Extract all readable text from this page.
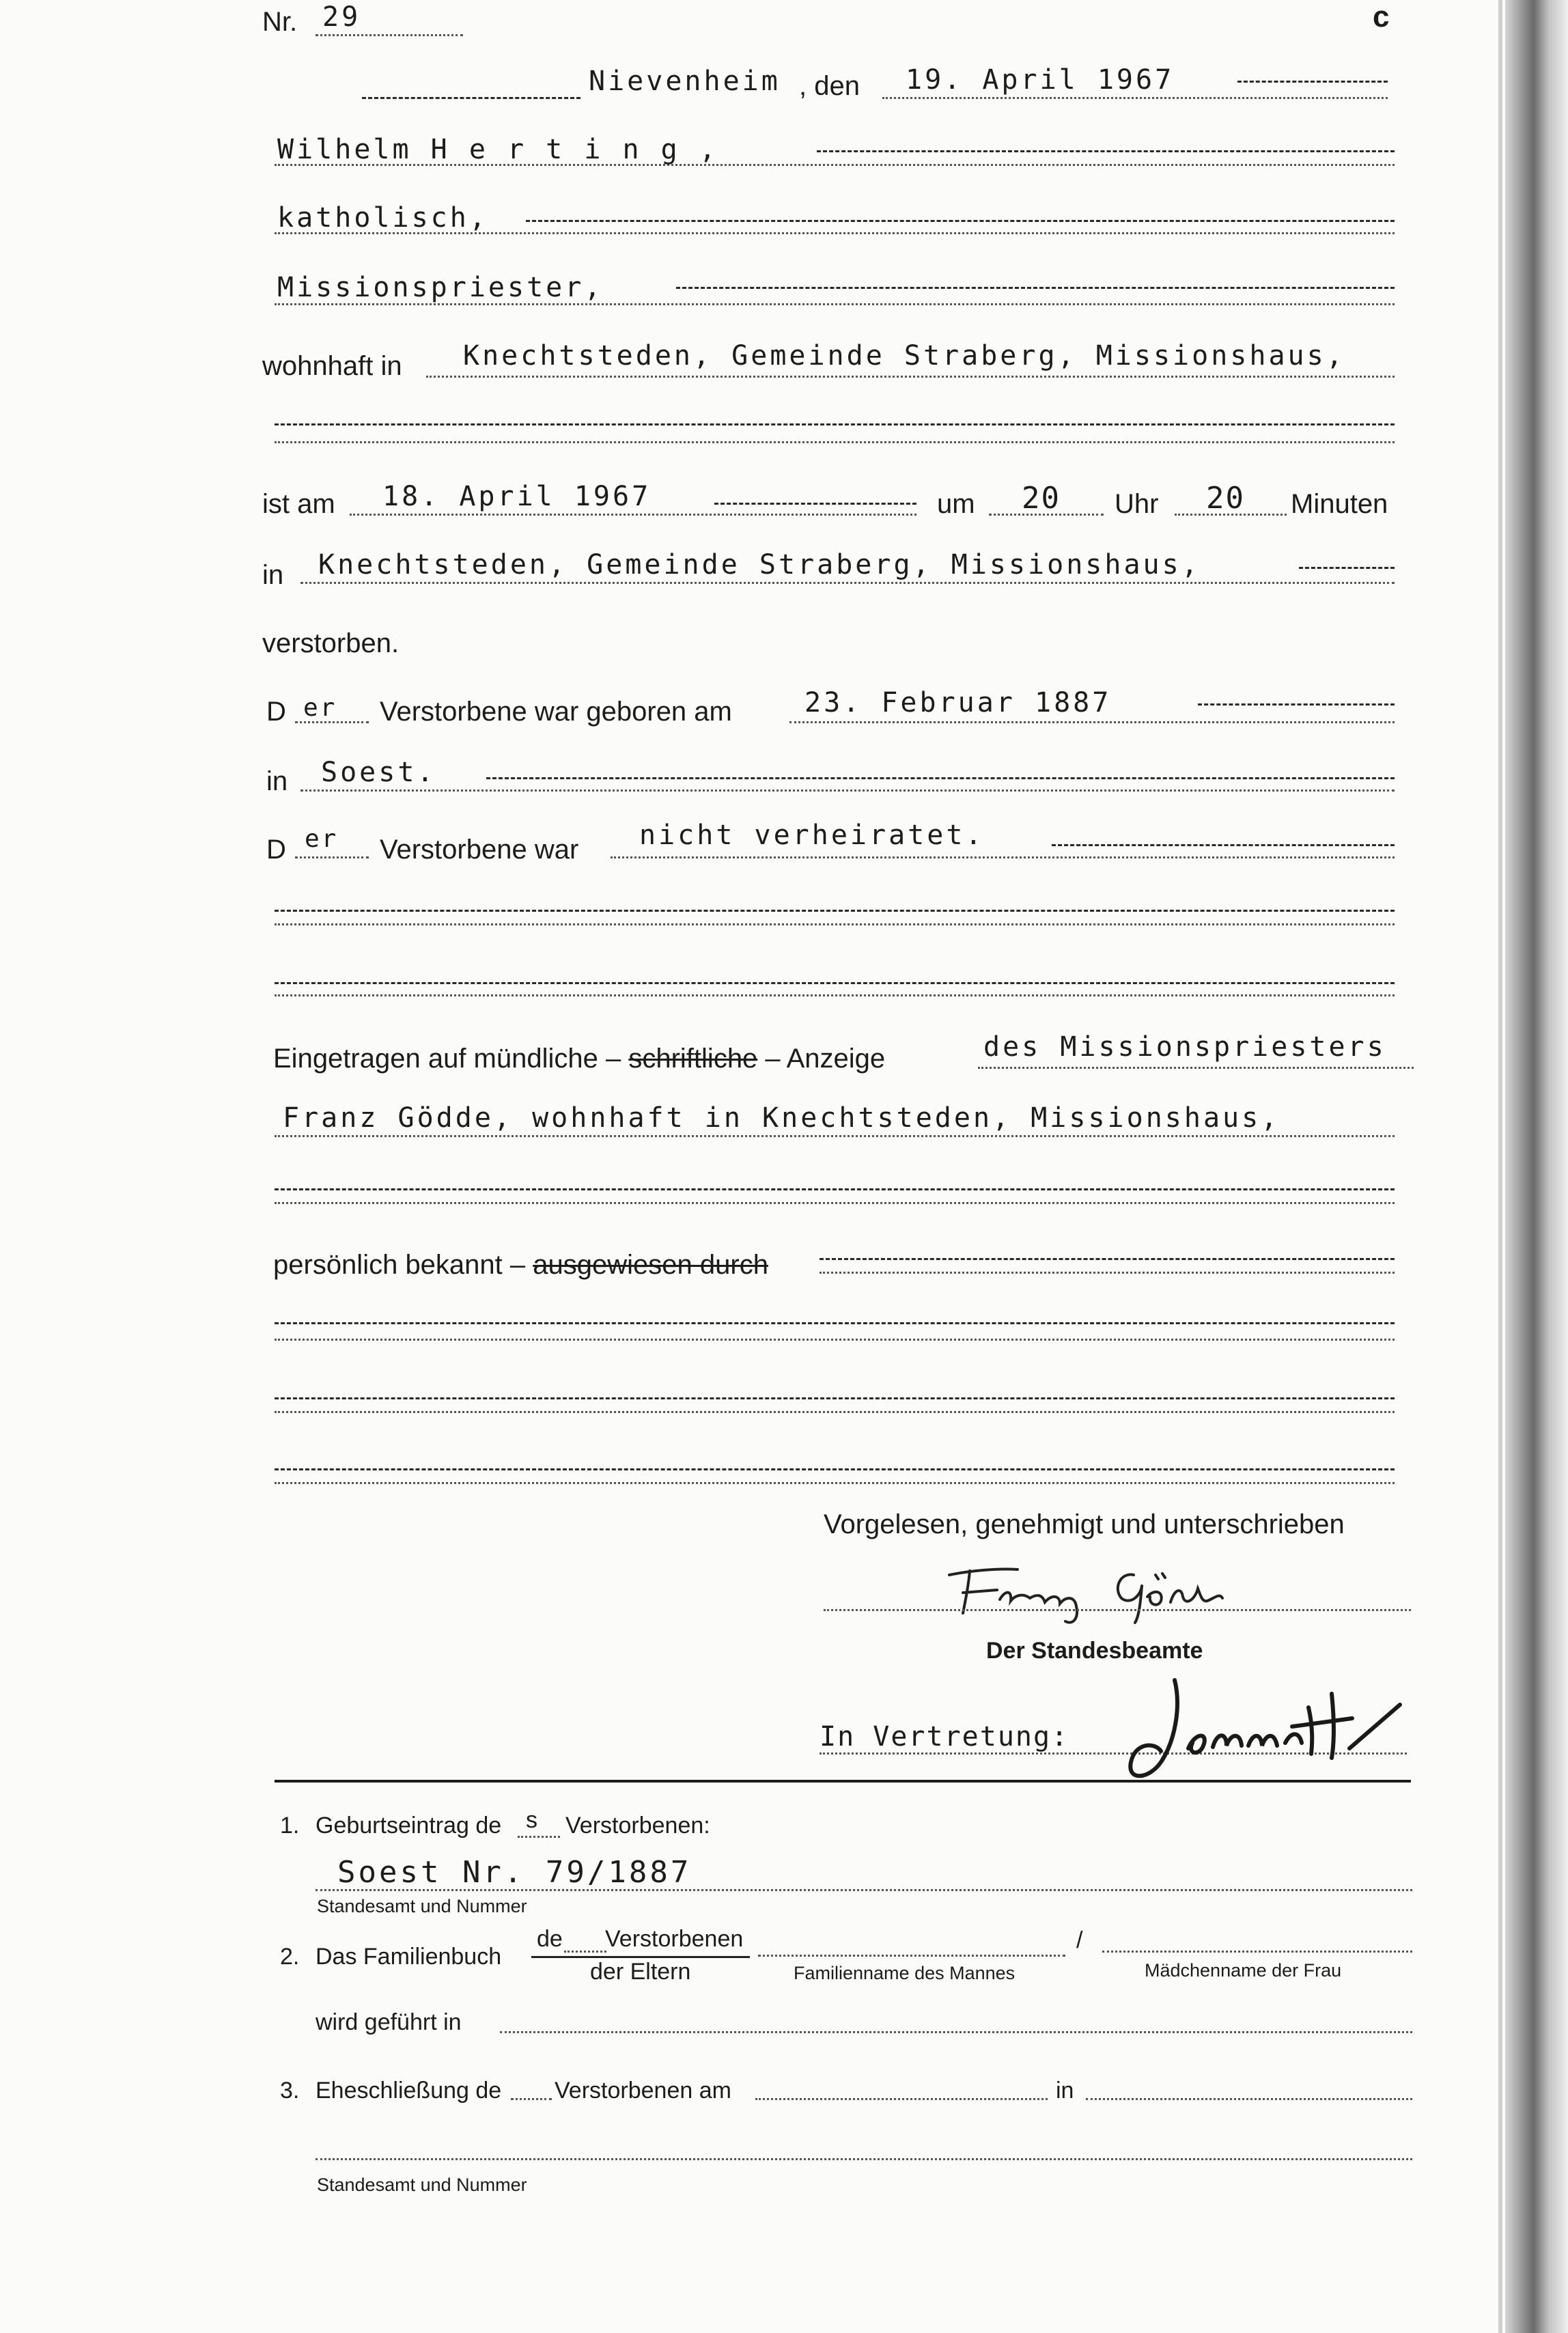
c
Nr. 29
Nievenheim , den 19. April 1967
Wilhelm H e r t i n g ,
katholisch,
Missionspriester,
wohnhaft in Knechtsteden, Gemeinde Straberg, Missionshaus,
ist am 18. April 1967	um 20 Uhr 20 Minuten
in Knechtsteden, Gemeinde Straberg, Missionshaus,
verstorben.
D er Verstorbene war geboren am	23. Februar 1887
in Soest.
D er Verstorbene war nicht verheiratet.
Eingetragen auf mündliche – schriftliche – Anzeige	des Missionspriesters
Franz Gödde, wohnhaft in Knechtsteden, Missionshaus,
persönlich bekannt – ausgewiesen durch
Vorgelesen, genehmigt und unterschrieben
Der Standesbeamte
In Vertretung:
1. Geburtseintrag de s Verstorbenen:
Soest Nr. 79/1887
Standesamt und Nummer
2. Das Familienbuch
de Verstorbenen
der Eltern	Familienname des Mannes
/
Mädchenname der Frau
wird geführt in
3. Eheschließung de Verstorbenen am	in
Standesamt und Nummer
